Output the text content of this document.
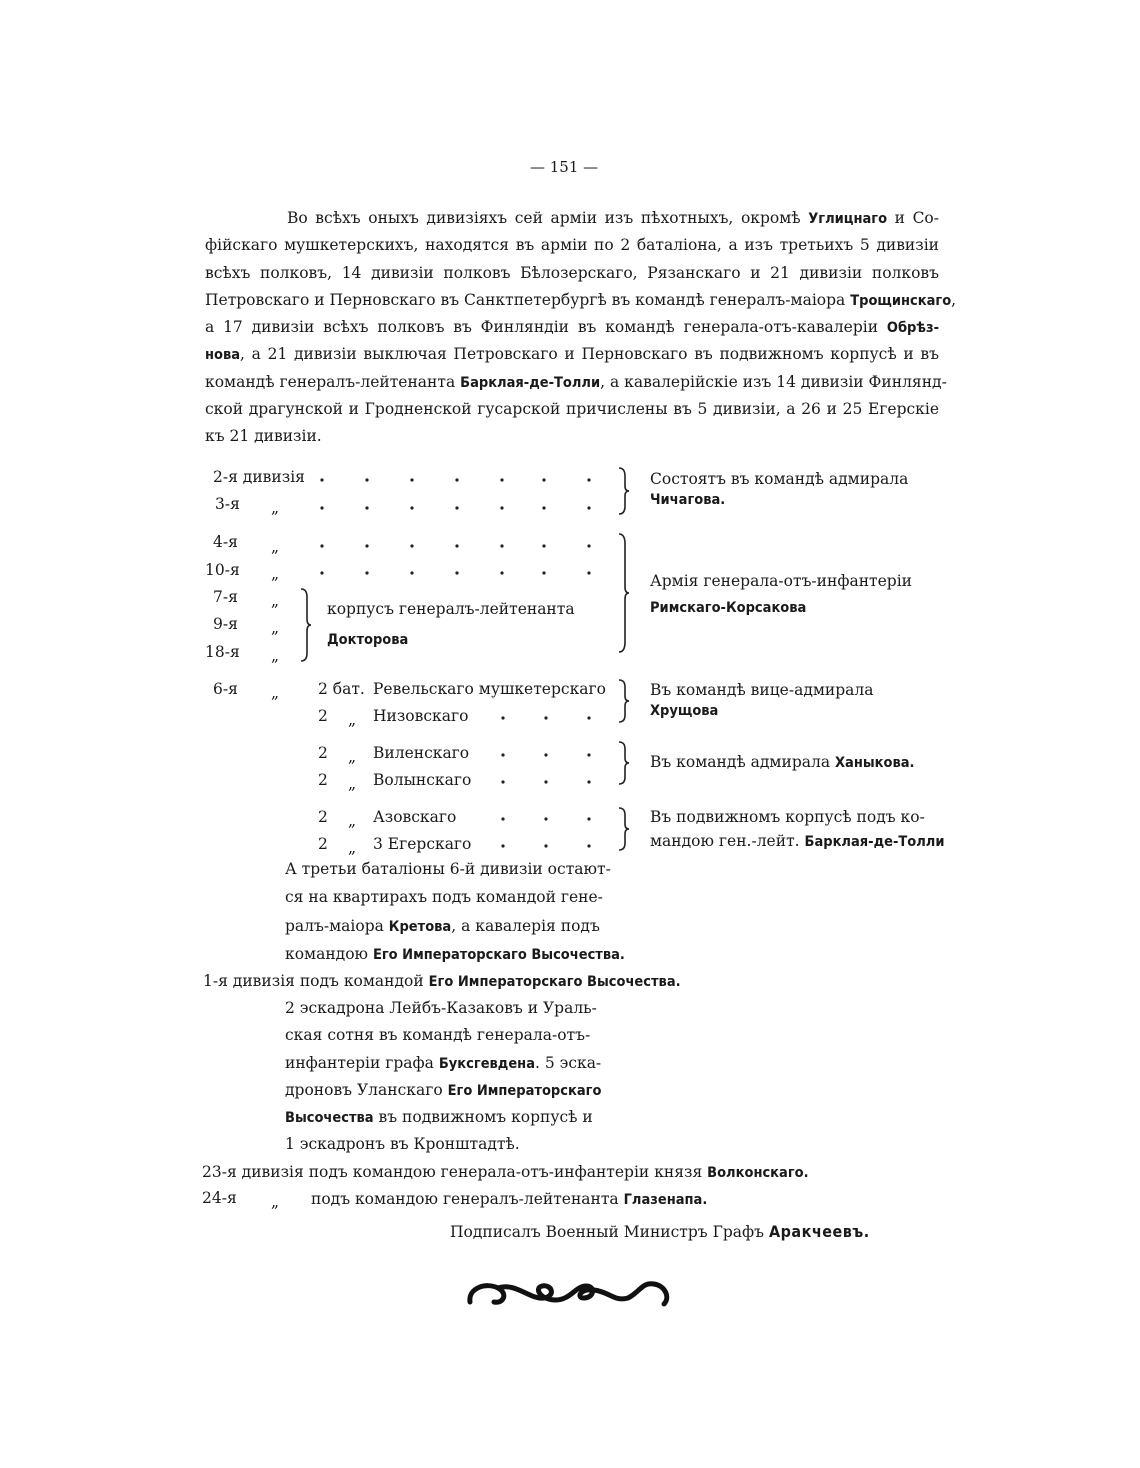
— 151 —
Во всѣхъ оныхъ дивизіяхъ сей арміи изъ пѣхотныхъ, окромѣ Углицнаго и Со-
фійскаго мушкетерскихъ, находятся въ арміи по 2 баталіона, а изъ третьихъ 5 дивизіи
всѣхъ полковъ, 14 дивизіи полковъ Бѣлозерскаго, Рязанскаго и 21 дивизіи полковъ
Петровскаго и Перновскаго въ Санктпетербургѣ въ командѣ генералъ-маіора Трощинскаго,
а 17 дивизіи всѣхъ полковъ въ Финляндіи въ командѣ генерала-отъ-кавалеріи Обрѣз-
нова, а 21 дивизіи выключая Петровскаго и Перновскаго въ подвижномъ корпусѣ и въ
командѣ генералъ-лейтенанта Барклая-де-Толли, а кавалерійскіе изъ 14 дивизіи Финлянд-
ской драгунской и Гродненской гусарской причислены въ 5 дивизіи, а 26 и 25 Егерскіе
къ 21 дивизіи.
2-я дивизія
3-я „
4-я „
10-я „
7-я „
9-я „
18-я „
Состоятъ въ командѣ адмирала
Чичагова.
корпусъ генералъ-лейтенанта
Докторова
Армія генерала-отъ-инфантеріи
Римскаго-Корсакова
6-я „	2 бат. Ревельскаго мушкетерскаго
2 „ Низовскаго
2 „ Виленскаго
2 „ Волынскаго
2 „ Азовскаго
2 „ 3 Егерскаго
Въ командѣ вице-адмирала
Хрущова
Въ командѣ адмирала Ханыкова.
Въ подвижномъ корпусѣ подъ ко-
мандою ген.-лейт. Барклая-де-Толли
А третьи баталіоны 6-й дивизіи остают-
ся на квартирахъ подъ командой гене-
ралъ-маіора Кретова, а кавалерія подъ
командою Его Императорскаго Высочества.
1-я дивизія подъ командой Его Императорскаго Высочества.
2 эскадрона Лейбъ-Казаковъ и Ураль-
ская сотня въ командѣ генерала-отъ-
инфантеріи графа Буксгевдена. 5 эска-
дроновъ Уланскаго Его Императорскаго
Высочества въ подвижномъ корпусѣ и
1 эскадронъ въ Кронштадтѣ.
23-я дивизія подъ командою генерала-отъ-инфантеріи князя Волконскаго.
24-я „ подъ командою генералъ-лейтенанта Глазенапа.
Подписалъ Военный Министръ Графъ Аракчеевъ.
